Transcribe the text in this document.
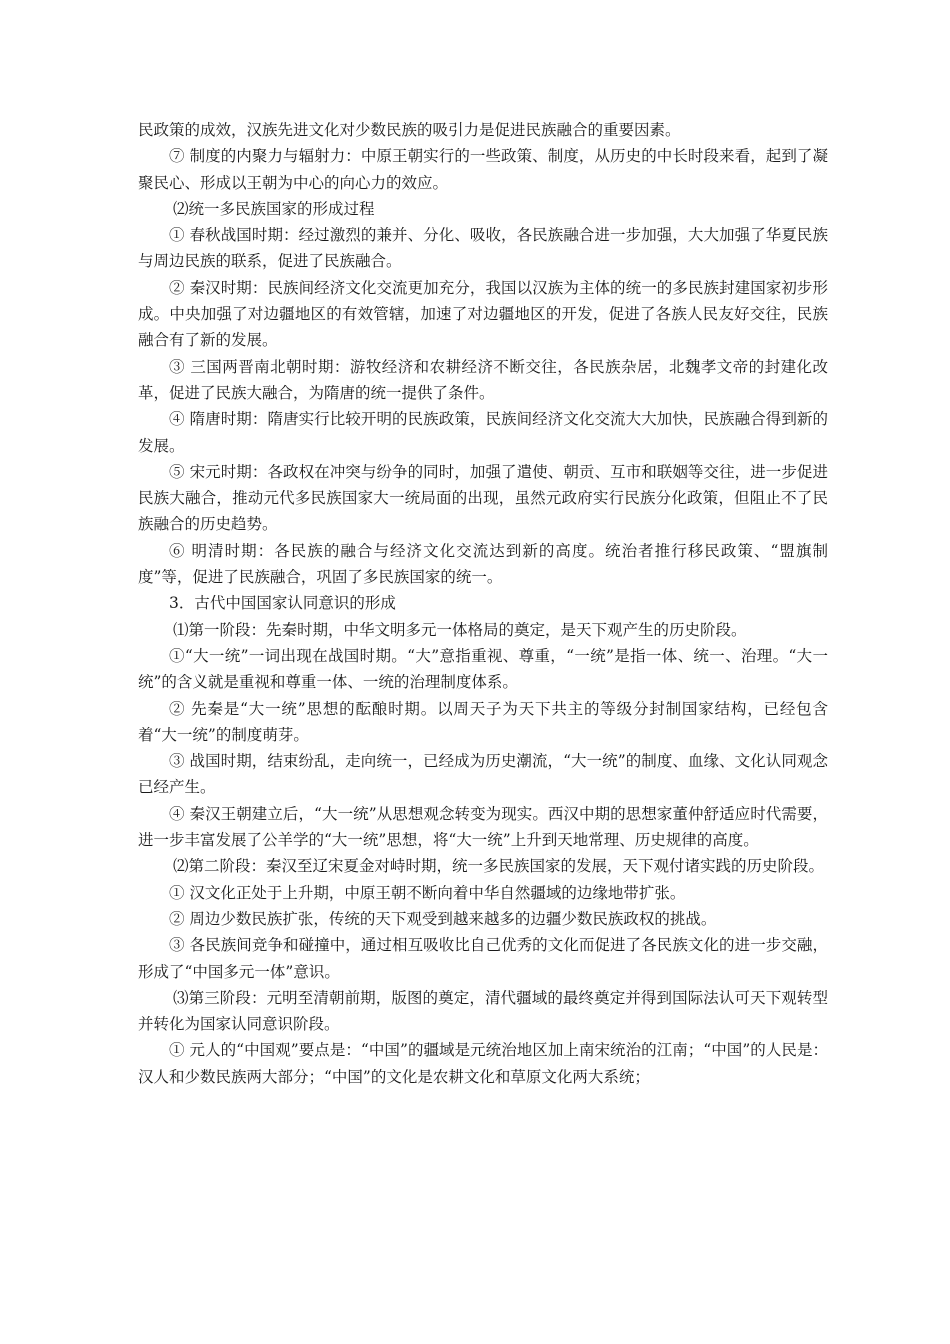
民政策的成效，汉族先进文化对少数民族的吸引力是促进民族融合的重要因素。

⑦ 制度的内聚力与辐射力：中原王朝实行的一些政策、制度，从历史的中长时段来看，起到了凝聚民心、形成以王朝为中心的向心力的效应。

⑵统一多民族国家的形成过程

① 春秋战国时期：经过激烈的兼并、分化、吸收，各民族融合进一步加强，大大加强了华夏民族与周边民族的联系，促进了民族融合。

② 秦汉时期：民族间经济文化交流更加充分，我国以汉族为主体的统一的多民族封建国家初步形成。中央加强了对边疆地区的有效管辖，加速了对边疆地区的开发，促进了各族人民友好交往，民族融合有了新的发展。

③ 三国两晋南北朝时期：游牧经济和农耕经济不断交往，各民族杂居，北魏孝文帝的封建化改革，促进了民族大融合，为隋唐的统一提供了条件。

④ 隋唐时期：隋唐实行比较开明的民族政策，民族间经济文化交流大大加快，民族融合得到新的发展。

⑤ 宋元时期：各政权在冲突与纷争的同时，加强了遣使、朝贡、互市和联姻等交往，进一步促进民族大融合，推动元代多民族国家大一统局面的出现，虽然元政府实行民族分化政策，但阻止不了民族融合的历史趋势。

⑥ 明清时期：各民族的融合与经济文化交流达到新的高度。统治者推行移民政策、“盟旗制度”等，促进了民族融合，巩固了多民族国家的统一。

3．古代中国国家认同意识的形成

⑴第一阶段：先秦时期，中华文明多元一体格局的奠定，是天下观产生的历史阶段。

①“大一统”一词出现在战国时期。“大”意指重视、尊重，“一统”是指一体、统一、治理。“大一统”的含义就是重视和尊重一体、一统的治理制度体系。

② 先秦是“大一统”思想的酝酿时期。以周天子为天下共主的等级分封制国家结构，已经包含着“大一统”的制度萌芽。

③ 战国时期，结束纷乱，走向统一，已经成为历史潮流，“大一统”的制度、血缘、文化认同观念已经产生。

④ 秦汉王朝建立后，“大一统”从思想观念转变为现实。西汉中期的思想家董仲舒适应时代需要，进一步丰富发展了公羊学的“大一统”思想，将“大一统”上升到天地常理、历史规律的高度。

⑵第二阶段：秦汉至辽宋夏金对峙时期，统一多民族国家的发展，天下观付诸实践的历史阶段。

① 汉文化正处于上升期，中原王朝不断向着中华自然疆域的边缘地带扩张。

② 周边少数民族扩张，传统的天下观受到越来越多的边疆少数民族政权的挑战。

③ 各民族间竞争和碰撞中，通过相互吸收比自己优秀的文化而促进了各民族文化的进一步交融，形成了“中国多元一体”意识。

⑶第三阶段：元明至清朝前期，版图的奠定，清代疆域的最终奠定并得到国际法认可天下观转型并转化为国家认同意识阶段。

① 元人的“中国观”要点是：“中国”的疆域是元统治地区加上南宋统治的江南；“中国”的人民是：汉人和少数民族两大部分；“中国”的文化是农耕文化和草原文化两大系统；
